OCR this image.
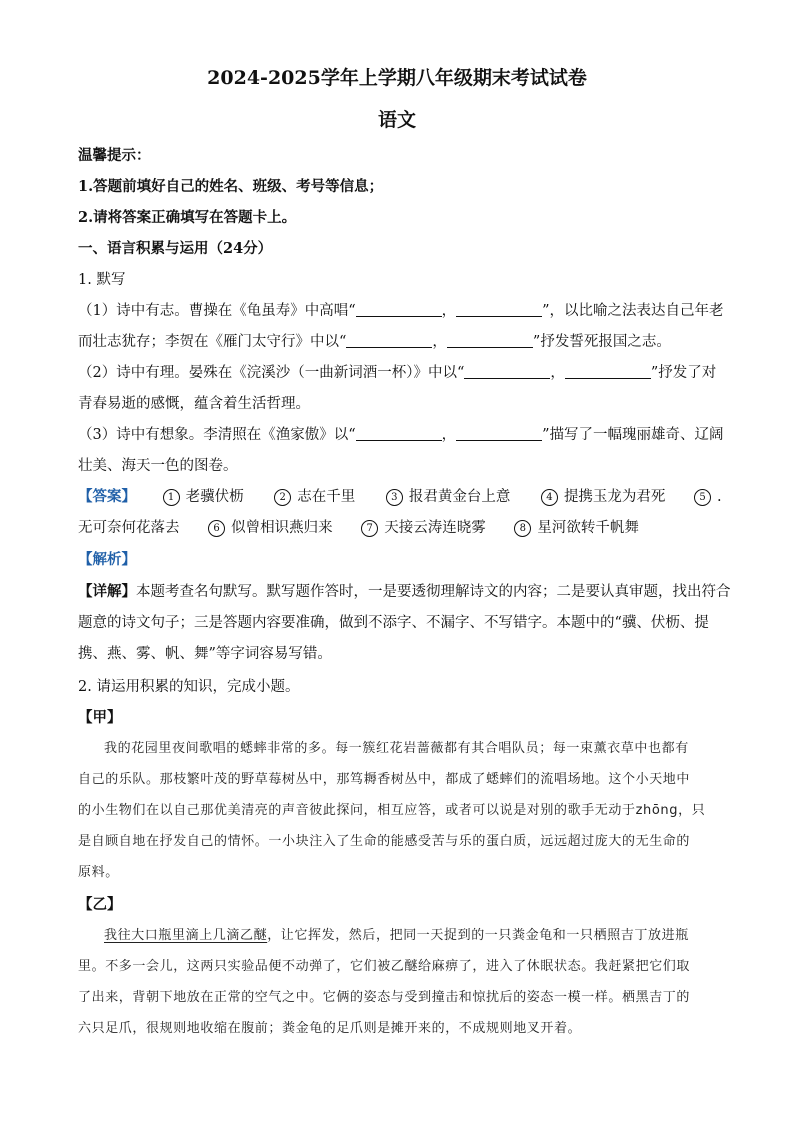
2024-2025学年上学期八年级期末考试试卷
语文
温馨提示：
1.答题前填好自己的姓名、班级、考号等信息；
2.请将答案正确填写在答题卡上。
一、语言积累与运用（24分）
1. 默写
（1）诗中有志。曹操在《龟虽寿》中高唱“	，	”，以比喻之法表达自己年老
而壮志犹存；李贺在《雁门太守行》中以“	，	”抒发誓死报国之志。
（2）诗中有理。晏殊在《浣溪沙（一曲新词酒一杯）》中以“	，	”抒发了对
青春易逝的感慨，蕴含着生活哲理。
（3）诗中有想象。李清照在《渔家傲》以“	，	”描写了一幅瑰丽雄奇、辽阔
壮美、海天一色的图卷。
【答案】	1 老骥伏枥	2 志在千里	3 报君黄金台上意	4 提携玉龙为君死	5 .
无可奈何花落去	6 似曾相识燕归来	7 天接云涛连晓雾	8 星河欲转千帆舞
【解析】
【详解】本题考查名句默写。默写题作答时，一是要透彻理解诗文的内容；二是要认真审题，找出符合
题意的诗文句子；三是答题内容要准确，做到不添字、不漏字、不写错字。本题中的“骥、伏枥、提
携、燕、雾、帆、舞”等字词容易写错。
2. 请运用积累的知识，完成小题。
【甲】
我的花园里夜间歌唱的蟋蟀非常的多。每一簇红花岩蔷薇都有其合唱队员；每一束薰衣草中也都有
自己的乐队。那枝繁叶茂的野草莓树丛中，那笃耨香树丛中，都成了蟋蟀们的流唱场地。这个小天地中
的小生物们在以自己那优美清亮的声音彼此探问，相互应答，或者可以说是对别的歌手无动于zhōng，只
是自顾自地在抒发自己的情怀。一小块注入了生命的能感受苦与乐的蛋白质，远远超过庞大的无生命的
原料。
【乙】
我往大口瓶里滴上几滴乙醚，让它挥发，然后，把同一天捉到的一只粪金龟和一只栖照吉丁放进瓶
里。不多一会儿，这两只实验品便不动弹了，它们被乙醚给麻痹了，进入了休眠状态。我赶紧把它们取
了出来，背朝下地放在正常的空气之中。它俩的姿态与受到撞击和惊扰后的姿态一模一样。栖黑吉丁的
六只足爪，很规则地收缩在腹前；粪金龟的足爪则是摊开来的，不成规则地叉开着。
